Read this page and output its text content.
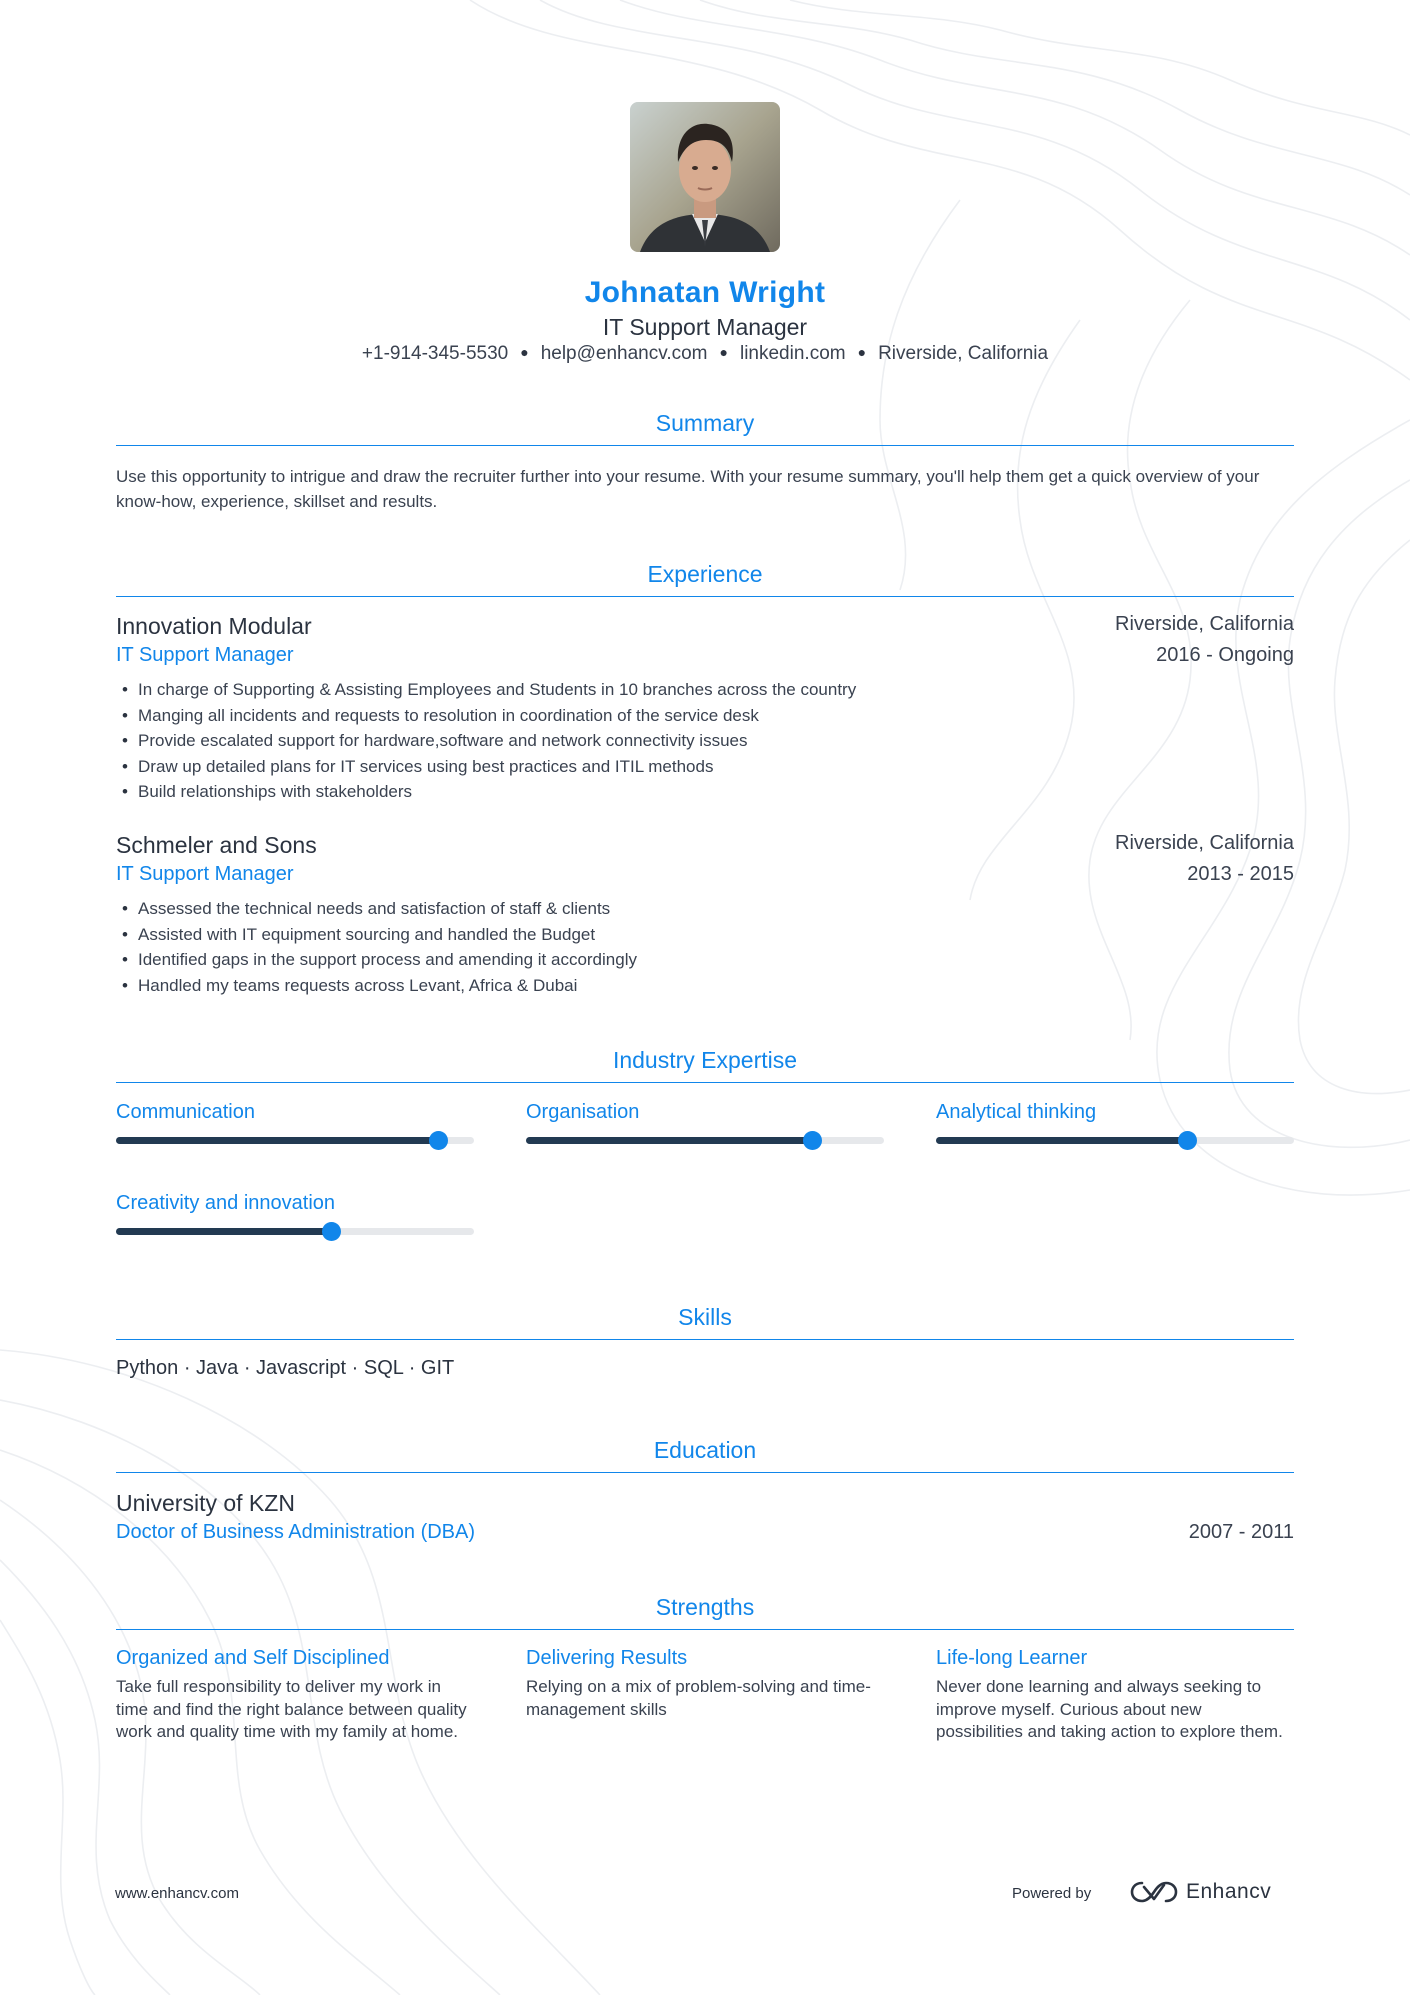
Johnatan Wright
IT Support Manager
+1-914-345-5530 ● help@enhancv.com ● linkedin.com ● Riverside, California
Summary
Use this opportunity to intrigue and draw the recruiter further into your resume. With your resume summary, you'll help them get a quick overview of your know-how, experience, skillset and results.
Experience
Innovation Modular
IT Support Manager
Riverside, California
2016 - Ongoing
• In charge of Supporting & Assisting Employees and Students in 10 branches across the country
• Manging all incidents and requests to resolution in coordination of the service desk
• Provide escalated support for hardware,software and network connectivity issues
• Draw up detailed plans for IT services using best practices and ITIL methods
• Build relationships with stakeholders
Schmeler and Sons
IT Support Manager
Riverside, California
2013 - 2015
• Assessed the technical needs and satisfaction of staff & clients
• Assisted with IT equipment sourcing and handled the Budget
• Identified gaps in the support process and amending it accordingly
• Handled my teams requests across Levant, Africa & Dubai
Industry Expertise
Communication	Organisation	Analytical thinking
Creativity and innovation
Skills
Python · Java · Javascript · SQL · GIT
Education
University of KZN
Doctor of Business Administration (DBA)	2007 - 2011
Strengths
Organized and Self Disciplined
Take full responsibility to deliver my work in time and find the right balance between quality work and quality time with my family at home.
Delivering Results
Relying on a mix of problem-solving and time-management skills
Life-long Learner
Never done learning and always seeking to improve myself. Curious about new possibilities and taking action to explore them.
www.enhancv.com	Powered by	Enhancv
